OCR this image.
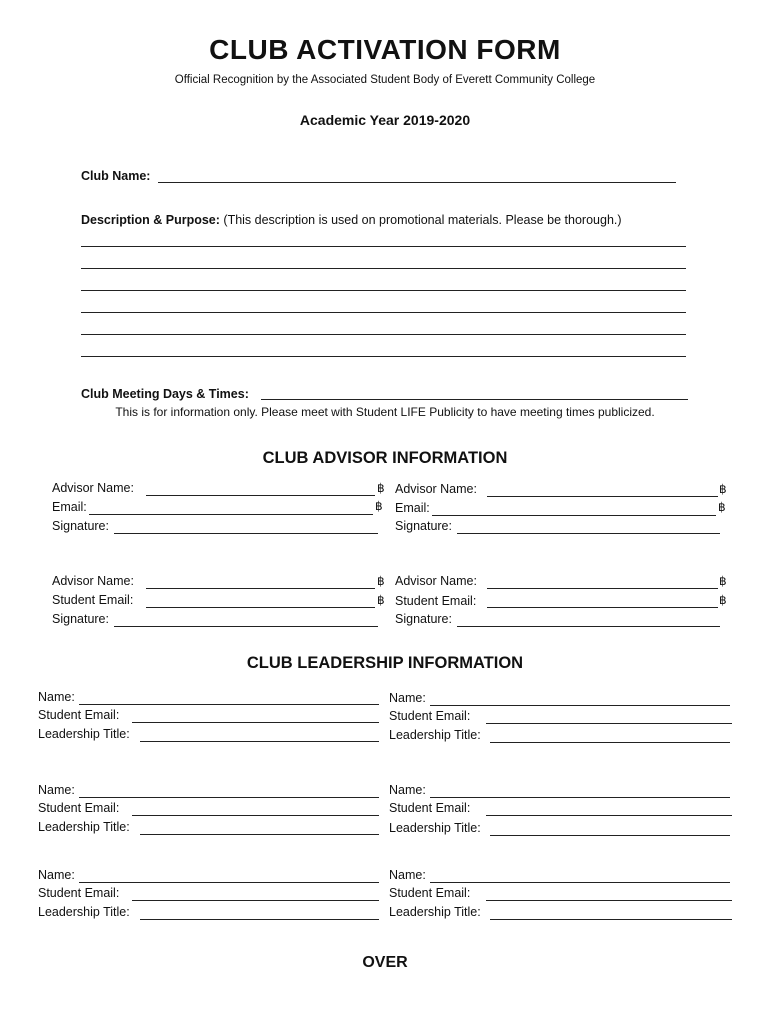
CLUB ACTIVATION FORM
Official Recognition by the Associated Student Body of Everett Community College
Academic Year 2019-2020
Club Name:
Description & Purpose: (This description is used on promotional materials. Please be thorough.)
Club Meeting Days & Times:
This is for information only. Please meet with Student LIFE Publicity to have meeting times publicized.
CLUB ADVISOR INFORMATION
Advisor Name:	฿
Email:	฿
Signature:
Advisor Name:	฿
Email:	฿
Signature:
Advisor Name:	฿
Student Email:	฿
Signature:
Advisor Name:	฿
Student Email:	฿
Signature:
CLUB LEADERSHIP INFORMATION
Name:
Student Email:
Leadership Title:
Name:
Student Email:
Leadership Title:
Name:
Student Email:
Leadership Title:
Name:
Student Email:
Leadership Title:
Name:
Student Email:
Leadership Title:
Name:
Student Email:
Leadership Title:
OVER
